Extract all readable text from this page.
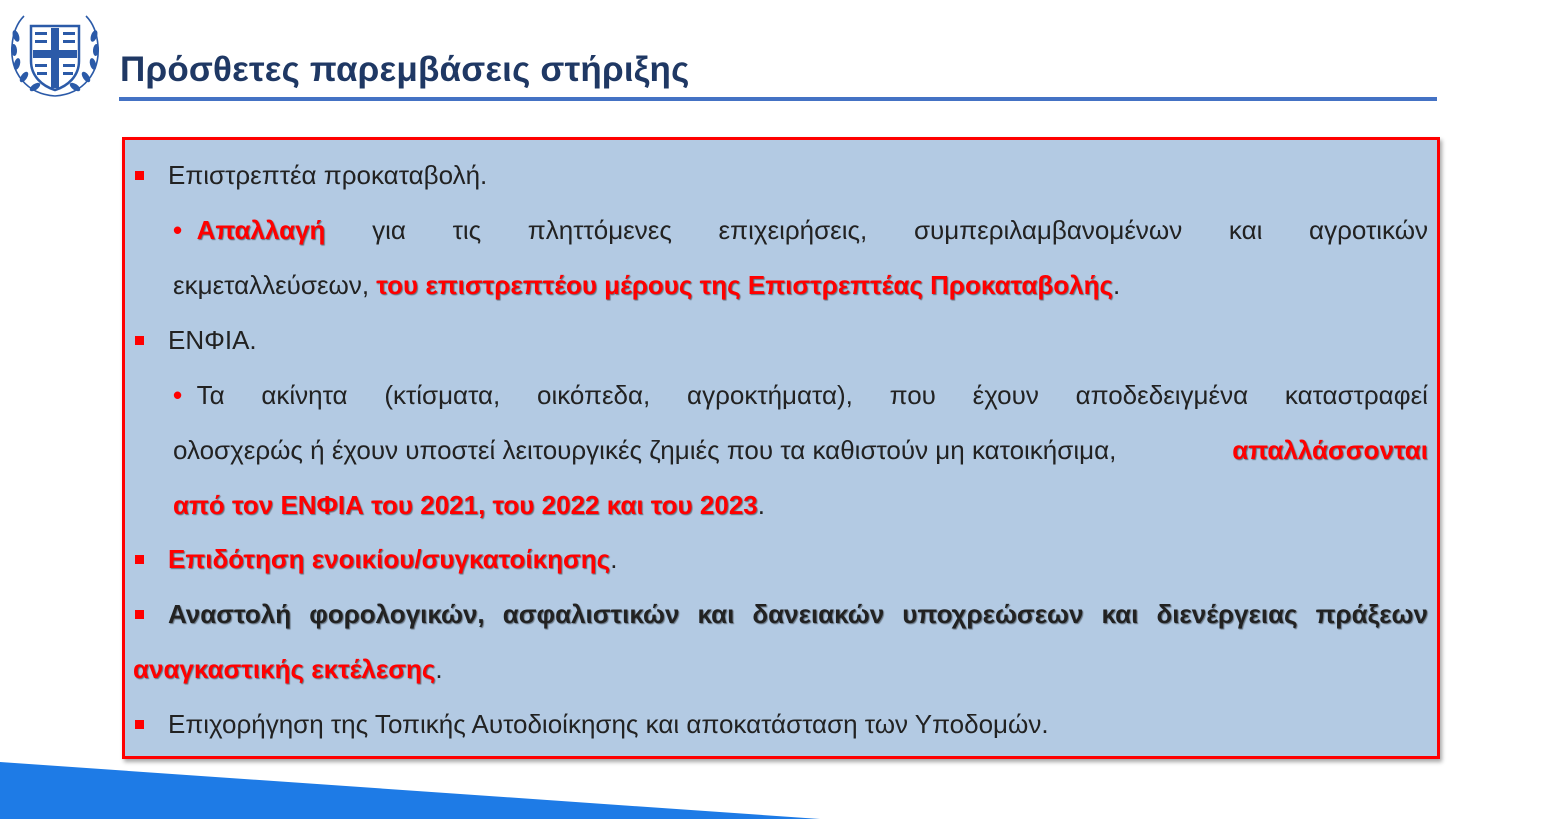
Πρόσθετες παρεμβάσεις στήριξης
Επιστρεπτέα προκαταβολή.
• Απαλλαγή για τις πληττόμενες επιχειρήσεις, συμπεριλαμβανομένων και αγροτικών
εκμεταλλεύσεων, του επιστρεπτέου μέρους της Επιστρεπτέας Προκαταβολής.
ΕΝΦΙΑ.
• Τα ακίνητα (κτίσματα, οικόπεδα, αγροκτήματα), που έχουν αποδεδειγμένα καταστραφεί
ολοσχερώς ή έχουν υποστεί λειτουργικές ζημιές που τα καθιστούν μη κατοικήσιμα,	απαλλάσσονται
από τον ΕΝΦΙΑ του 2021, του 2022 και του 2023.
Επιδότηση ενοικίου/συγκατοίκησης.
Αναστολή φορολογικών, ασφαλιστικών και δανειακών υποχρεώσεων και διενέργειας πράξεων
αναγκαστικής εκτέλεσης.
Επιχορήγηση της Τοπικής Αυτοδιοίκησης και αποκατάσταση των Υποδομών.
